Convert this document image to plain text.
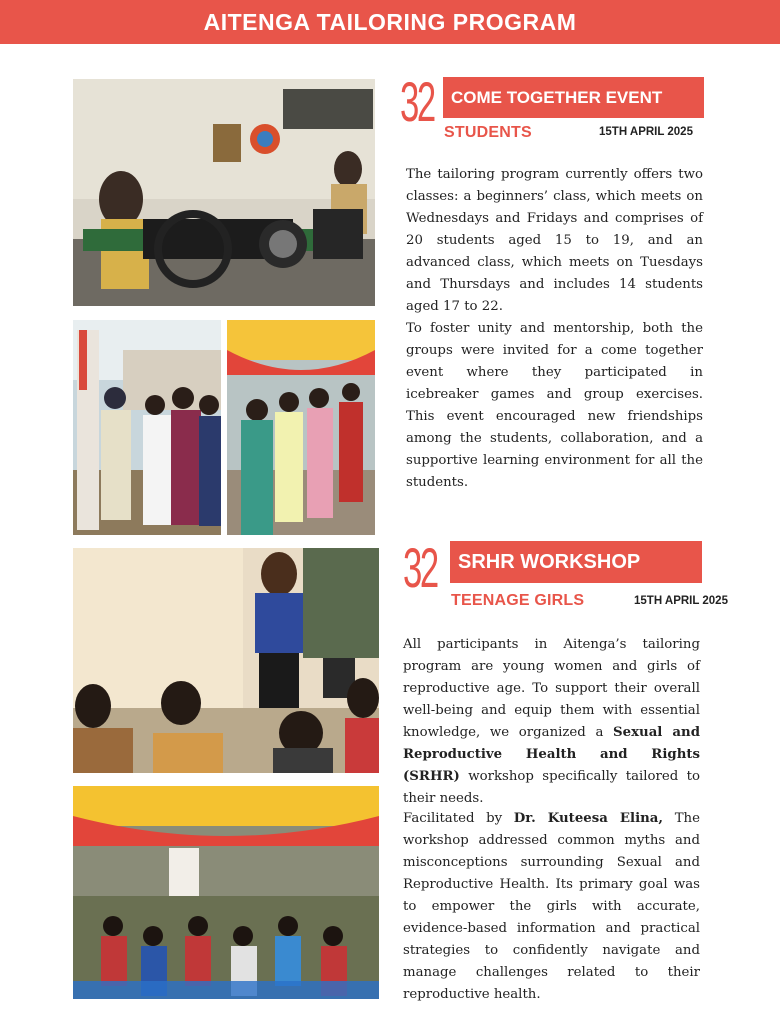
AITENGA TAILORING PROGRAM
32 COME TOGETHER EVENT
STUDENTS	15TH APRIL 2025

The tailoring program currently offers two classes: a beginners’ class, which meets on Wednesdays and Fridays and comprises of 20 students aged 15 to 19, and an advanced class, which meets on Tuesdays and Thursdays and includes 14 students aged 17 to 22.

To foster unity and mentorship, both the groups were invited for a come together event where they participated in icebreaker games and group exercises. This event encouraged new friendships among the students, collaboration, and a supportive learning environment for all the students.

32 SRHR WORKSHOP
TEENAGE GIRLS	15TH APRIL 2025

All participants in Aitenga’s tailoring program are young women and girls of reproductive age. To support their overall well-being and equip them with essential knowledge, we organized a Sexual and Reproductive Health and Rights (SRHR) workshop specifically tailored to their needs.

Facilitated by Dr. Kuteesa Elina, The workshop addressed common myths and misconceptions surrounding Sexual and Reproductive Health. Its primary goal was to empower the girls with accurate, evidence-based information and practical strategies to confidently navigate and manage challenges related to their reproductive health.
